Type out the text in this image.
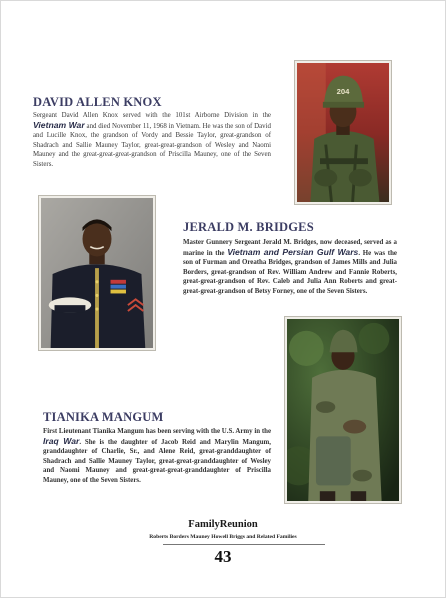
DAVID ALLEN KNOX
Sergeant David Allen Knox served with the 101st Airborne Division in the Vietnam War and died November 11, 1968 in Vietnam. He was the son of David and Lucille Knox, the grandson of Vordy and Bessie Taylor, great-grandson of Shadrach and Sallie Mauney Taylor, great-great-grandson of Wesley and Naomi Mauney and the great-great-great-grandson of Priscilla Mauney, one of the Seven Sisters.
204
JERALD M. BRIDGES
Master Gunnery Sergeant Jerald M. Bridges, now deceased, served as a marine in the Vietnam and Persian Gulf Wars. He was the son of Furman and Oreatha Bridges, grandson of James Mills and Julia Borders, great-grandson of Rev. William Andrew and Fannie Roberts, great-great-grandson of Rev. Caleb and Julia Ann Roberts and great-great-great-grandson of Betsy Forney, one of the Seven Sisters.
TIANIKA MANGUM
First Lieutenant Tianika Mangum has been serving with the U.S. Army in the Iraq War. She is the daughter of Jacob Reid and Marylin Mangum, granddaughter of Charlie, Sr., and Alene Reid, great-granddaughter of Shadrach and Sallie Mauney Taylor, great-great-granddaughter of Wesley and Naomi Mauney and great-great-great-granddaughter of Priscilla Mauney, one of the Seven Sisters.
FamilyReunion
Roberts Borders Mauney Howell Briggs and Related Families
43
